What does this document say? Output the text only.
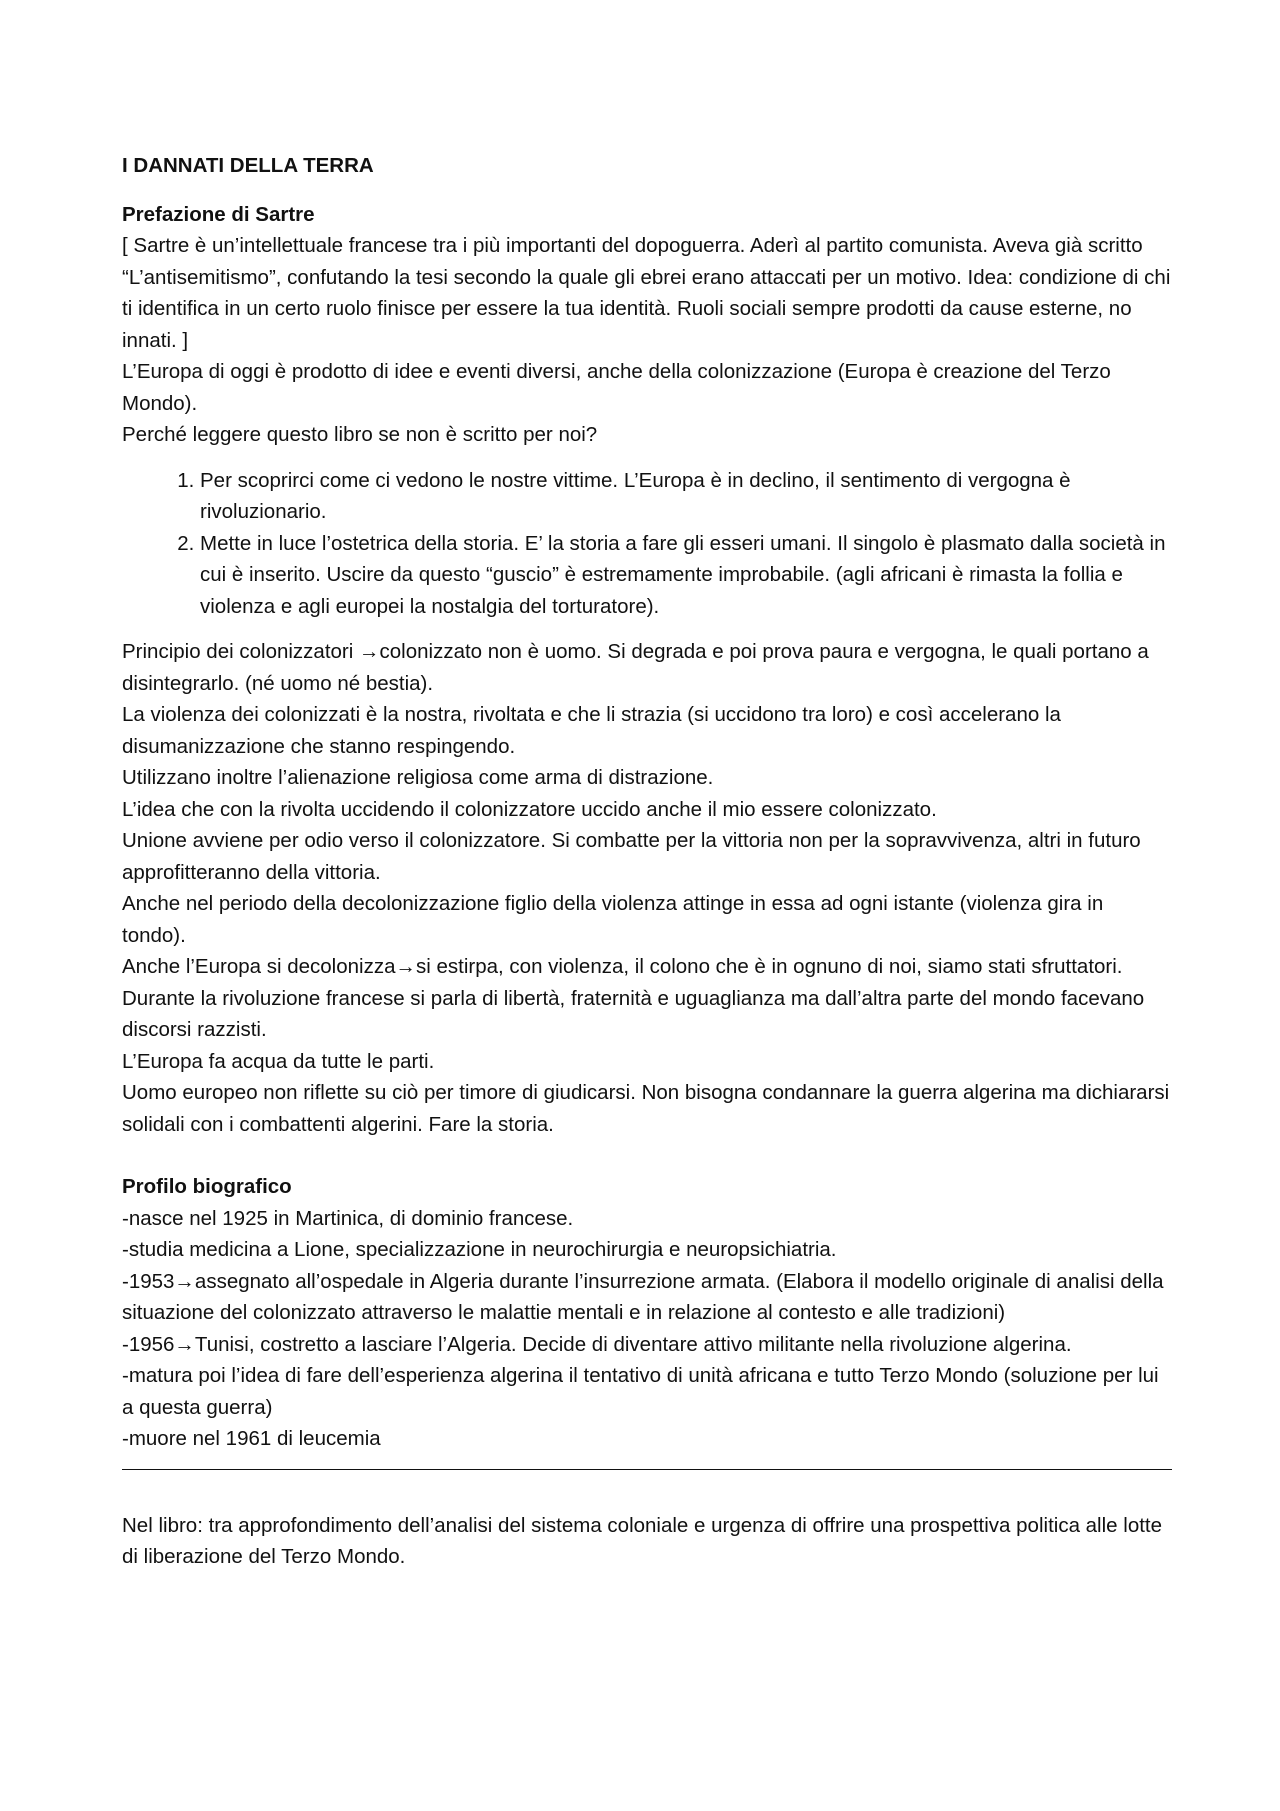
I DANNATI DELLA TERRA

Prefazione di Sartre

[ Sartre è un’intellettuale francese tra i più importanti del dopoguerra. Aderì al partito comunista. Aveva già scritto “L’antisemitismo”, confutando la tesi secondo la quale gli ebrei erano attaccati per un motivo. Idea: condizione di chi ti identifica in un certo ruolo finisce per essere la tua identità. Ruoli sociali sempre prodotti da cause esterne, no innati. ]

L’Europa di oggi è prodotto di idee e eventi diversi, anche della colonizzazione (Europa è creazione del Terzo Mondo).

Perché leggere questo libro se non è scritto per noi?

1. Per scoprirci come ci vedono le nostre vittime. L’Europa è in declino, il sentimento di vergogna è rivoluzionario.
2. Mette in luce l’ostetrica della storia. E’ la storia a fare gli esseri umani. Il singolo è plasmato dalla società in cui è inserito. Uscire da questo “guscio” è estremamente improbabile. (agli africani è rimasta la follia e violenza e agli europei la nostalgia del torturatore).

Principio dei colonizzatori →colonizzato non è uomo. Si degrada e poi prova paura e vergogna, le quali portano a disintegrarlo. (né uomo né bestia).

La violenza dei colonizzati è la nostra, rivoltata e che li strazia (si uccidono tra loro) e così accelerano la disumanizzazione che stanno respingendo.

Utilizzano inoltre l’alienazione religiosa come arma di distrazione.

L’idea che con la rivolta uccidendo il colonizzatore uccido anche il mio essere colonizzato.

Unione avviene per odio verso il colonizzatore. Si combatte per la vittoria non per la sopravvivenza, altri in futuro approfitteranno della vittoria.

Anche nel periodo della decolonizzazione figlio della violenza attinge in essa ad ogni istante (violenza gira in tondo).

Anche l’Europa si decolonizza→si estirpa, con violenza, il colono che è in ognuno di noi, siamo stati sfruttatori. Durante la rivoluzione francese si parla di libertà, fraternità e uguaglianza ma dall’altra parte del mondo facevano discorsi razzisti.

L’Europa fa acqua da tutte le parti.

Uomo europeo non riflette su ciò per timore di giudicarsi. Non bisogna condannare la guerra algerina ma dichiararsi solidali con i combattenti algerini. Fare la storia.

Profilo biografico

-nasce nel 1925 in Martinica, di dominio francese.

-studia medicina a Lione, specializzazione in neurochirurgia e neuropsichiatria.

-1953→assegnato all’ospedale in Algeria durante l’insurrezione armata. (Elabora il modello originale di analisi della situazione del colonizzato attraverso le malattie mentali e in relazione al contesto e alle tradizioni)

-1956→Tunisi, costretto a lasciare l’Algeria. Decide di diventare attivo militante nella rivoluzione algerina.

-matura poi l’idea di fare dell’esperienza algerina il tentativo di unità africana e tutto Terzo Mondo (soluzione per lui a questa guerra)

-muore nel 1961 di leucemia

Nel libro: tra approfondimento dell’analisi del sistema coloniale e urgenza di offrire una prospettiva politica alle lotte di liberazione del Terzo Mondo.
